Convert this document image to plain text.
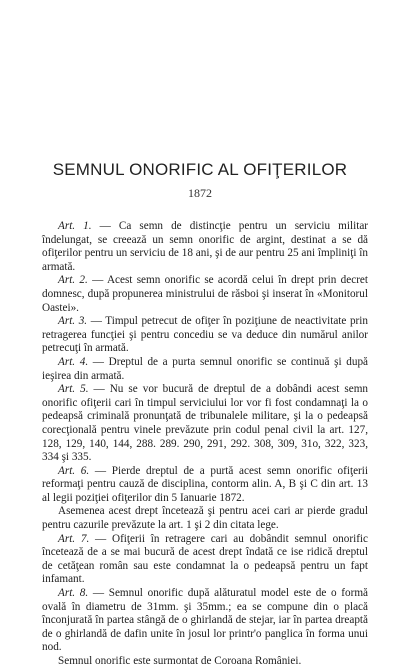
SEMNUL ONORIFIC AL OFIŢERILOR
1872

Art. 1. — Ca semn de distincţie pentru un serviciu militar îndelungat, se creează un semn onorific de argint, destinat a se dă ofiţerilor pentru un serviciu de 18 ani, şi de aur pentru 25 ani împliniţi în armată.

Art. 2. — Acest semn onorific se acordă celui în drept prin decret domnesc, după propunerea ministrului de răsboi şi inserat în «Monitorul Oastei».

Art. 3. — Timpul petrecut de ofiţer în poziţiune de neactivitate prin retragerea funcţiei şi pentru concediu se va deduce din numărul anilor petrecuţi în armată.

Art. 4. — Dreptul de a purta semnul onorific se continuă şi după ieşirea din armată.

Art. 5. — Nu se vor bucură de dreptul de a dobândi acest semn onorific ofiţerii cari în timpul serviciului lor vor fi fost condamnaţi la o pedeapsă criminală pronunţată de tribunalele militare, şi la o pedeapsă corecţională pentru vinele prevăzute prin codul penal civil la art. 127, 128, 129, 140, 144, 288. 289. 290, 291, 292. 308, 309, 31o, 322, 323, 334 şi 335.

Art. 6. — Pierde dreptul de a purtă acest semn onorific ofiţerii reformaţi pentru cauză de disciplina, contorm alin. A, B şi C din art. 13 al legii poziţiei ofiţerilor din 5 Ianuarie 1872.

Asemenea acest drept încetează şi pentru acei cari ar pierde gradul pentru cazurile prevăzute la art. 1 şi 2 din citata lege.

Art. 7. — Ofiţerii în retragere cari au dobândit semnul onorific încetează de a se mai bucură de acest drept îndată ce ise ridică dreptul de cetăţean român sau este condamnat la o pedeapsă pentru un fapt infamant.

Art. 8. — Semnul onorific după alăturatul model este de o formă ovală în diametru de 31mm. şi 35mm.; ea se compune din o placă înconjurată în partea stângă de o ghirlandă de stejar, iar în partea dreaptă de o ghirlandă de dafin unite în josul lor printr'o panglica în forma unui nod.

Semnul onorific este surmontat de Coroana României.
